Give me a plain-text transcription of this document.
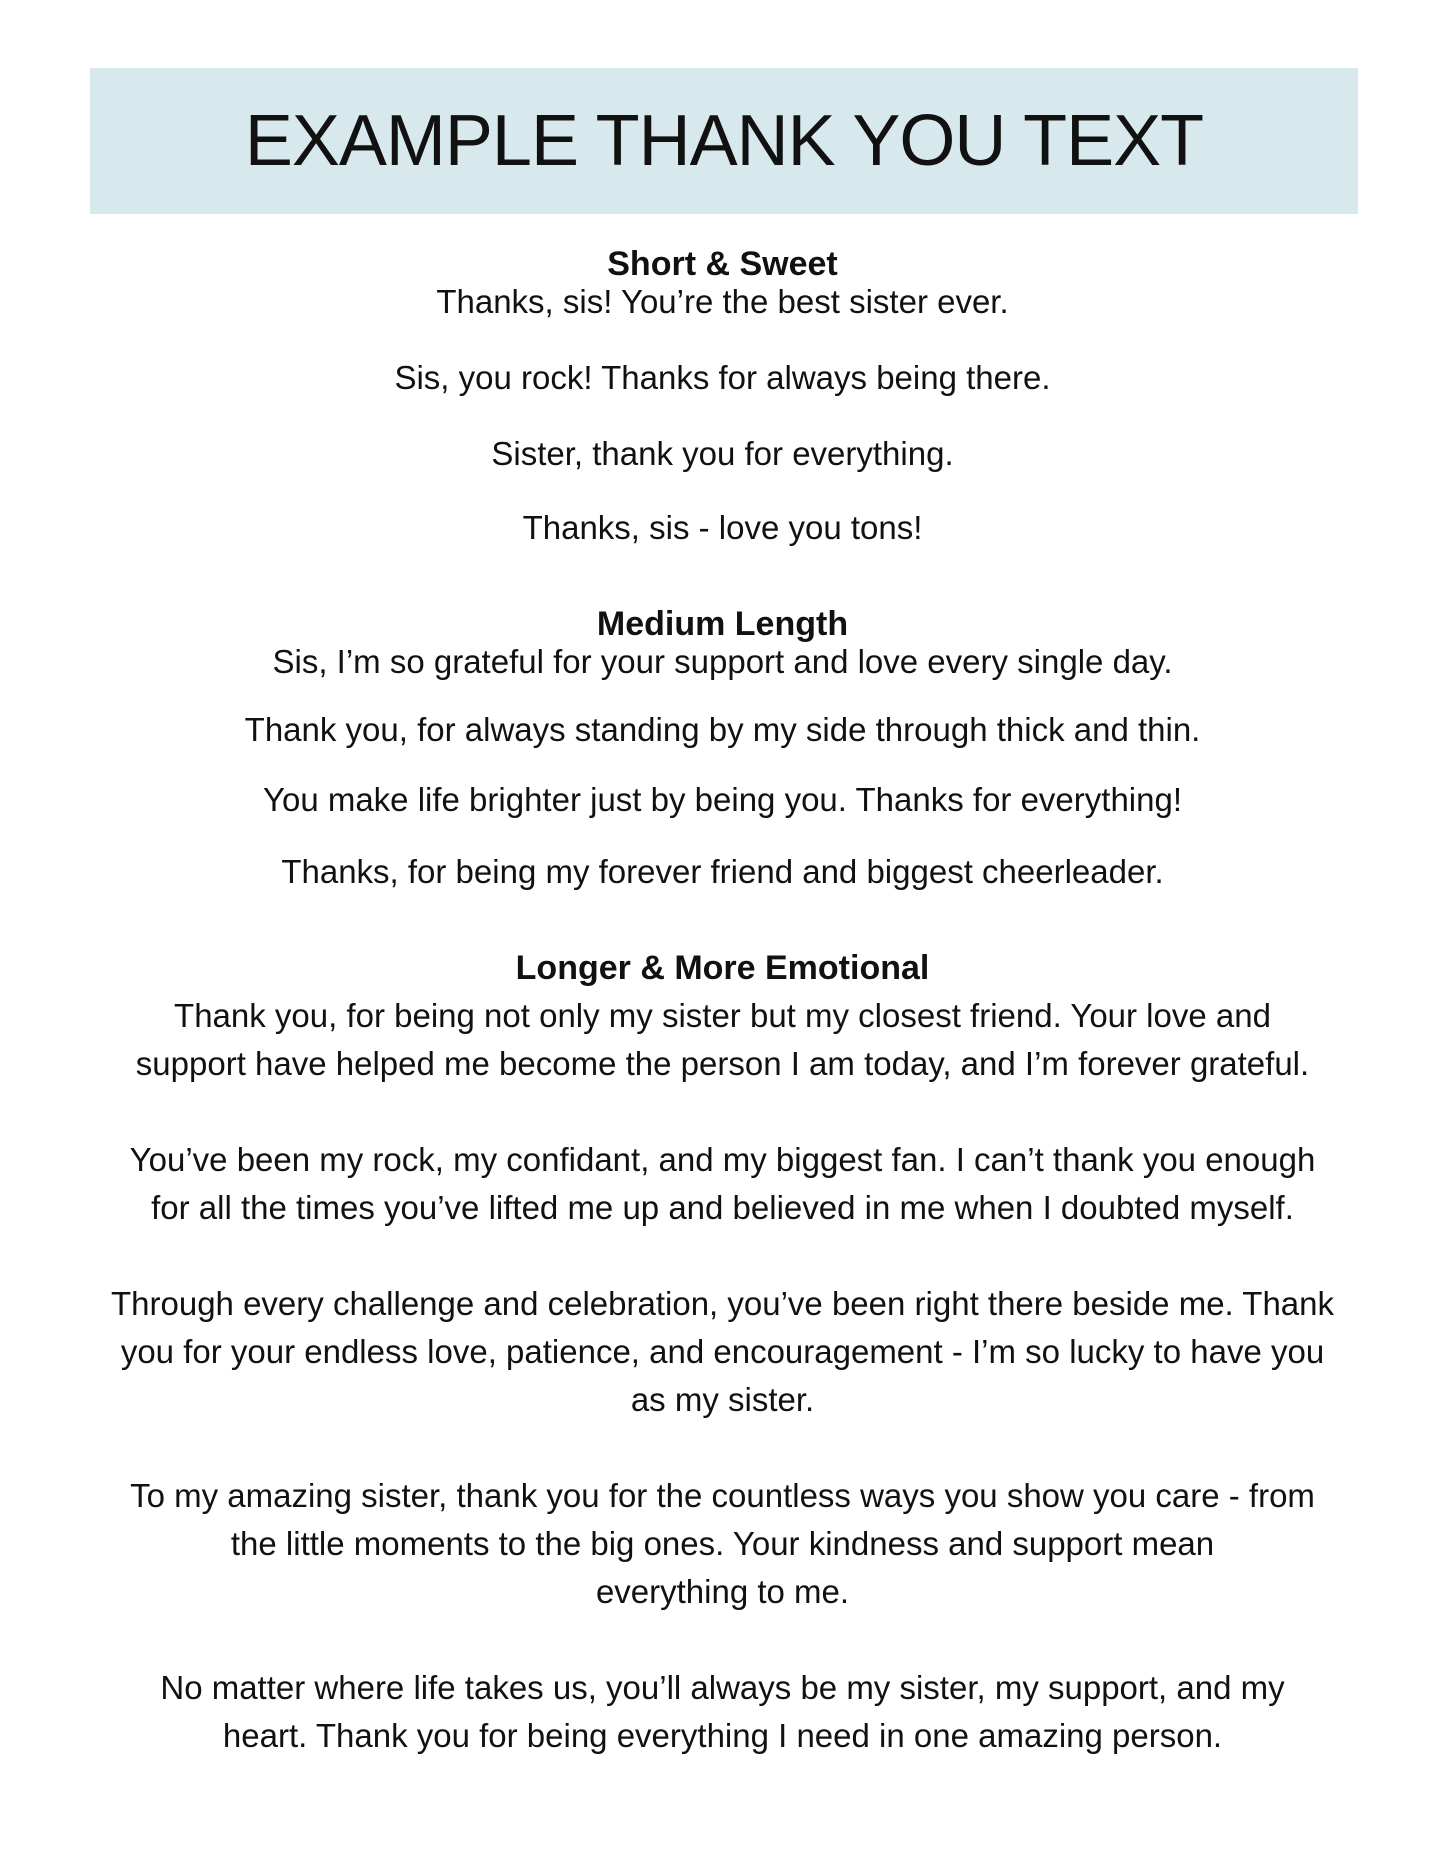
EXAMPLE THANK YOU TEXT
Short & Sweet

Thanks, sis! You’re the best sister ever.

Sis, you rock! Thanks for always being there.

Sister, thank you for everything.

Thanks, sis - love you tons!

Medium Length

Sis, I’m so grateful for your support and love every single day.

Thank you, for always standing by my side through thick and thin.

You make life brighter just by being you. Thanks for everything!

Thanks, for being my forever friend and biggest cheerleader.

Longer & More Emotional

Thank you, for being not only my sister but my closest friend. Your love and

support have helped me become the person I am today, and I’m forever grateful.

You’ve been my rock, my confidant, and my biggest fan. I can’t thank you enough

for all the times you’ve lifted me up and believed in me when I doubted myself.

Through every challenge and celebration, you’ve been right there beside me. Thank

you for your endless love, patience, and encouragement - I’m so lucky to have you

as my sister.

To my amazing sister, thank you for the countless ways you show you care - from

the little moments to the big ones. Your kindness and support mean

everything to me.

No matter where life takes us, you’ll always be my sister, my support, and my

heart. Thank you for being everything I need in one amazing person.
